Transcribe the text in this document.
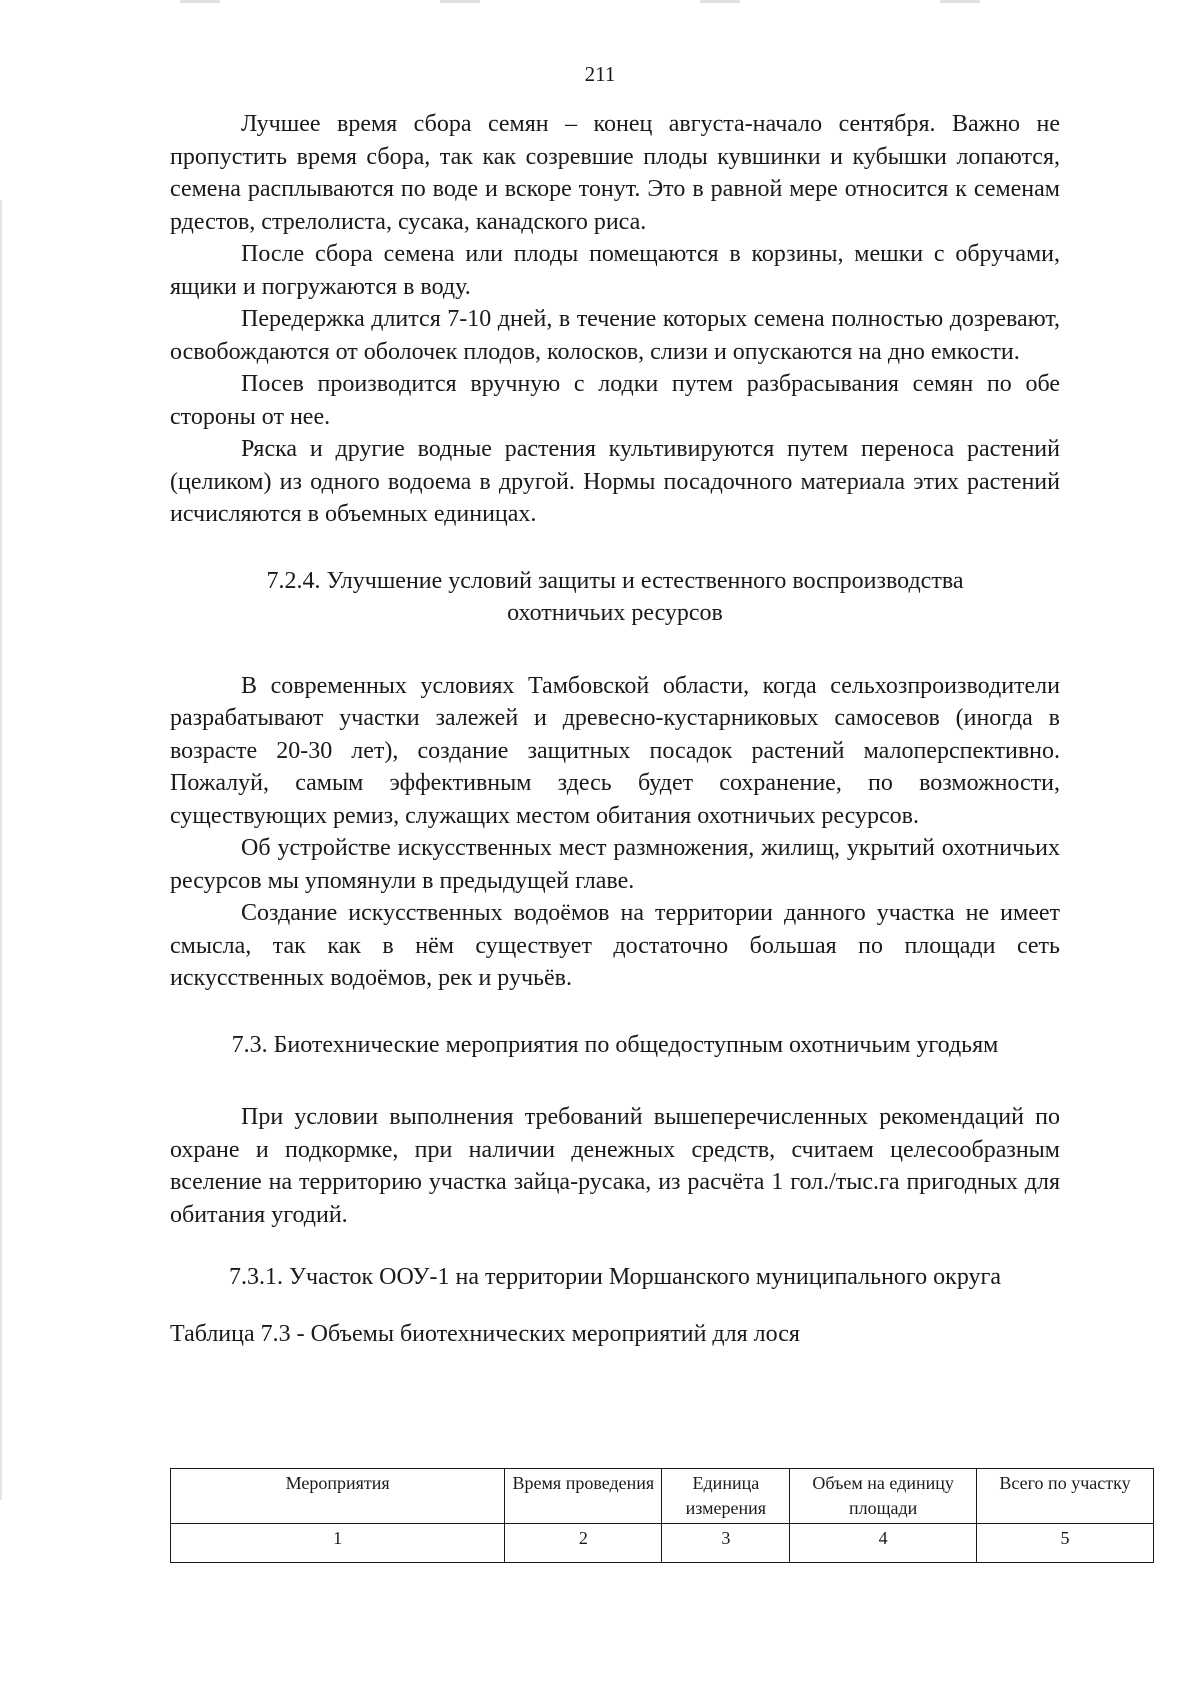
211

Лучшее время сбора семян – конец августа-начало сентября. Важно не пропустить время сбора, так как созревшие плоды кувшинки и кубышки лопаются, семена расплываются по воде и вскоре тонут. Это в равной мере относится к семенам рдестов, стрелолиста, сусака, канадского риса.

После сбора семена или плоды помещаются в корзины, мешки с обручами, ящики и погружаются в воду.

Передержка длится 7-10 дней, в течение которых семена полностью дозревают, освобождаются от оболочек плодов, колосков, слизи и опускаются на дно емкости.

Посев производится вручную с лодки путем разбрасывания семян по обе стороны от нее.

Ряска и другие водные растения культивируются путем переноса растений (целиком) из одного водоема в другой. Нормы посадочного материала этих растений исчисляются в объемных единицах.

7.2.4. Улучшение условий защиты и естественного воспроизводства охотничьих ресурсов

В современных условиях Тамбовской области, когда сельхозпроизводители разрабатывают участки залежей и древесно-кустарниковых самосевов (иногда в возрасте 20-30 лет), создание защитных посадок растений малоперспективно. Пожалуй, самым эффективным здесь будет сохранение, по возможности, существующих ремиз, служащих местом обитания охотничьих ресурсов.

Об устройстве искусственных мест размножения, жилищ, укрытий охотничьих ресурсов мы упомянули в предыдущей главе.

Создание искусственных водоёмов на территории данного участка не имеет смысла, так как в нём существует достаточно большая по площади сеть искусственных водоёмов, рек и ручьёв.

7.3. Биотехнические мероприятия по общедоступным охотничьим угодьям

При условии выполнения требований вышеперечисленных рекомендаций по охране и подкормке, при наличии денежных средств, считаем целесообразным вселение на территорию участка зайца-русака, из расчёта 1 гол./тыс.га пригодных для обитания угодий.

7.3.1. Участок ООУ-1 на территории Моршанского муниципального округа

Таблица 7.3 - Объемы биотехнических мероприятий для лося

Мероприятия	Время проведения	Единица измерения	Объем на единицу площади	Всего по участку
1	2	3	4	5
